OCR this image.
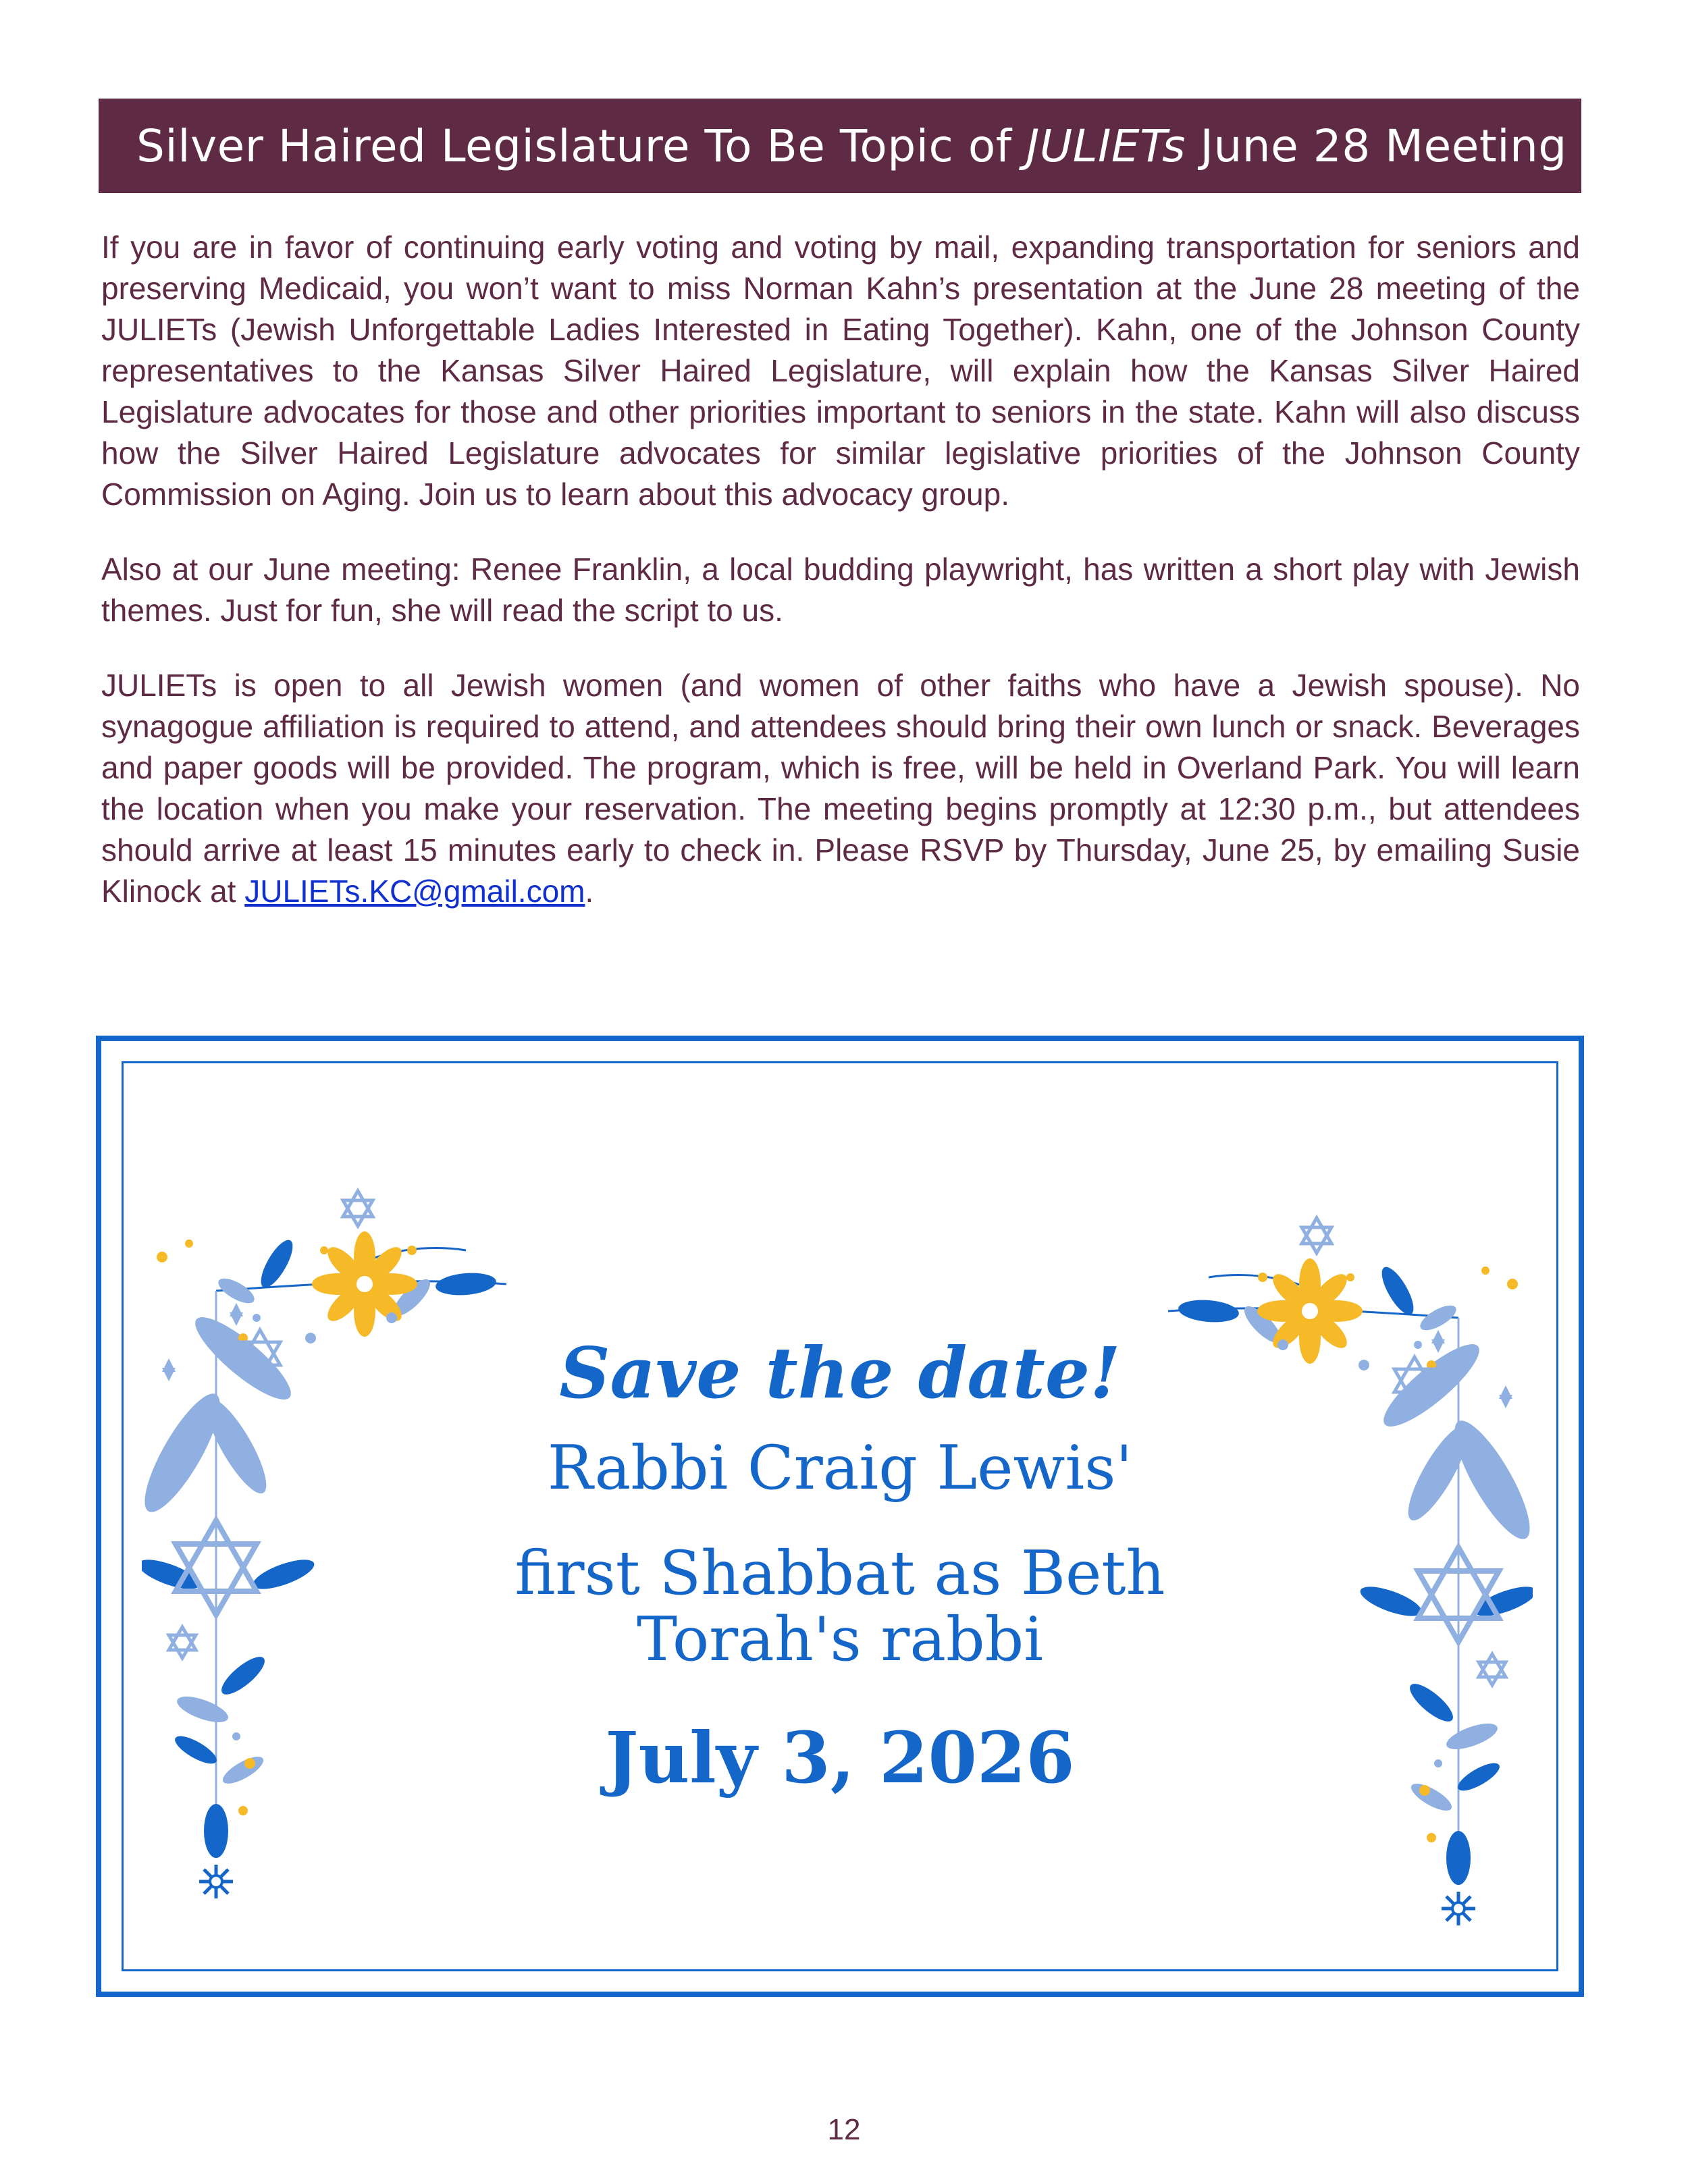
Silver Haired Legislature To Be Topic of JULIETs June 28 Meeting

If you are in favor of continuing early voting and voting by mail, expanding transportation for seniors and preserving Medicaid, you won’t want to miss Norman Kahn’s presentation at the June 28 meeting of the JULIETs (Jewish Unforgettable Ladies Interested in Eating Together). Kahn, one of the Johnson County representatives to the Kansas Silver Haired Legislature, will explain how the Kansas Silver Haired Legislature advocates for those and other priorities important to seniors in the state. Kahn will also discuss how the Silver Haired Legislature advocates for similar legislative priorities of the Johnson County Commission on Aging. Join us to learn about this advocacy group.

Also at our June meeting: Renee Franklin, a local budding playwright, has written a short play with Jewish themes. Just for fun, she will read the script to us.

JULIETs is open to all Jewish women (and women of other faiths who have a Jewish spouse). No synagogue affiliation is required to attend, and attendees should bring their own lunch or snack. Beverages and paper goods will be provided. The program, which is free, will be held in Overland Park. You will learn the location when you make your reservation. The meeting begins promptly at 12:30 p.m., but attendees should arrive at least 15 minutes early to check in. Please RSVP by Thursday, June 25, by emailing Susie Klinock at JULIETs.KC@gmail.com.

Save the date!
Rabbi Craig Lewis'
first Shabbat as Beth
Torah's rabbi
July 3, 2026
12
